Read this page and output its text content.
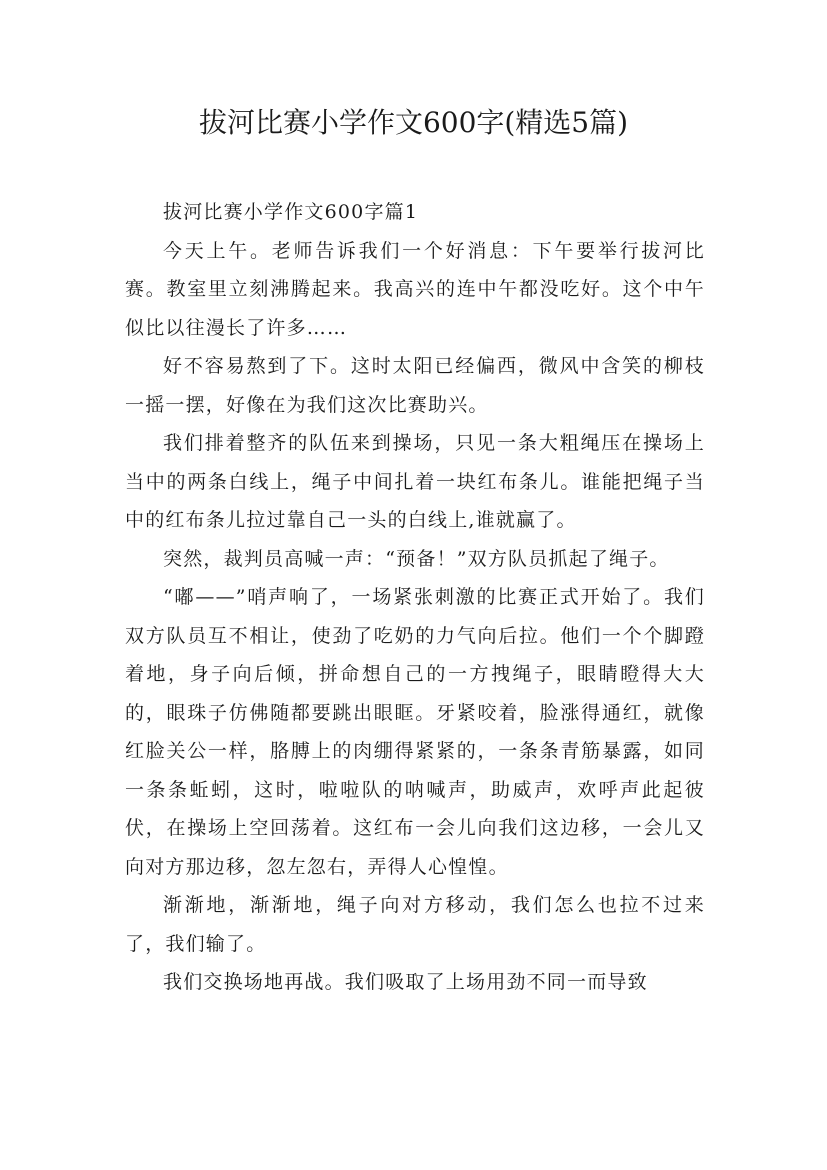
拔河比赛小学作文600字(精选5篇)

拔河比赛小学作文600字篇1

今天上午。老师告诉我们一个好消息：下午要举行拔河比赛。教室里立刻沸腾起来。我高兴的连中午都没吃好。这个中午似比以往漫长了许多……

好不容易熬到了下。这时太阳已经偏西，微风中含笑的柳枝一摇一摆，好像在为我们这次比赛助兴。

我们排着整齐的队伍来到操场，只见一条大粗绳压在操场上当中的两条白线上，绳子中间扎着一块红布条儿。谁能把绳子当中的红布条儿拉过靠自己一头的白线上,谁就赢了。

突然，裁判员高喊一声：“预备！”双方队员抓起了绳子。

“嘟——”哨声响了，一场紧张刺激的比赛正式开始了。我们双方队员互不相让，使劲了吃奶的力气向后拉。他们一个个脚蹬着地，身子向后倾，拼命想自己的一方拽绳子，眼睛瞪得大大的，眼珠子仿佛随都要跳出眼眶。牙紧咬着，脸涨得通红，就像红脸关公一样，胳膊上的肉绷得紧紧的，一条条青筋暴露，如同一条条蚯蚓，这时，啦啦队的呐喊声，助威声，欢呼声此起彼伏，在操场上空回荡着。这红布一会儿向我们这边移，一会儿又向对方那边移，忽左忽右，弄得人心惶惶。

渐渐地，渐渐地，绳子向对方移动，我们怎么也拉不过来了，我们输了。

我们交换场地再战。我们吸取了上场用劲不同一而导致
